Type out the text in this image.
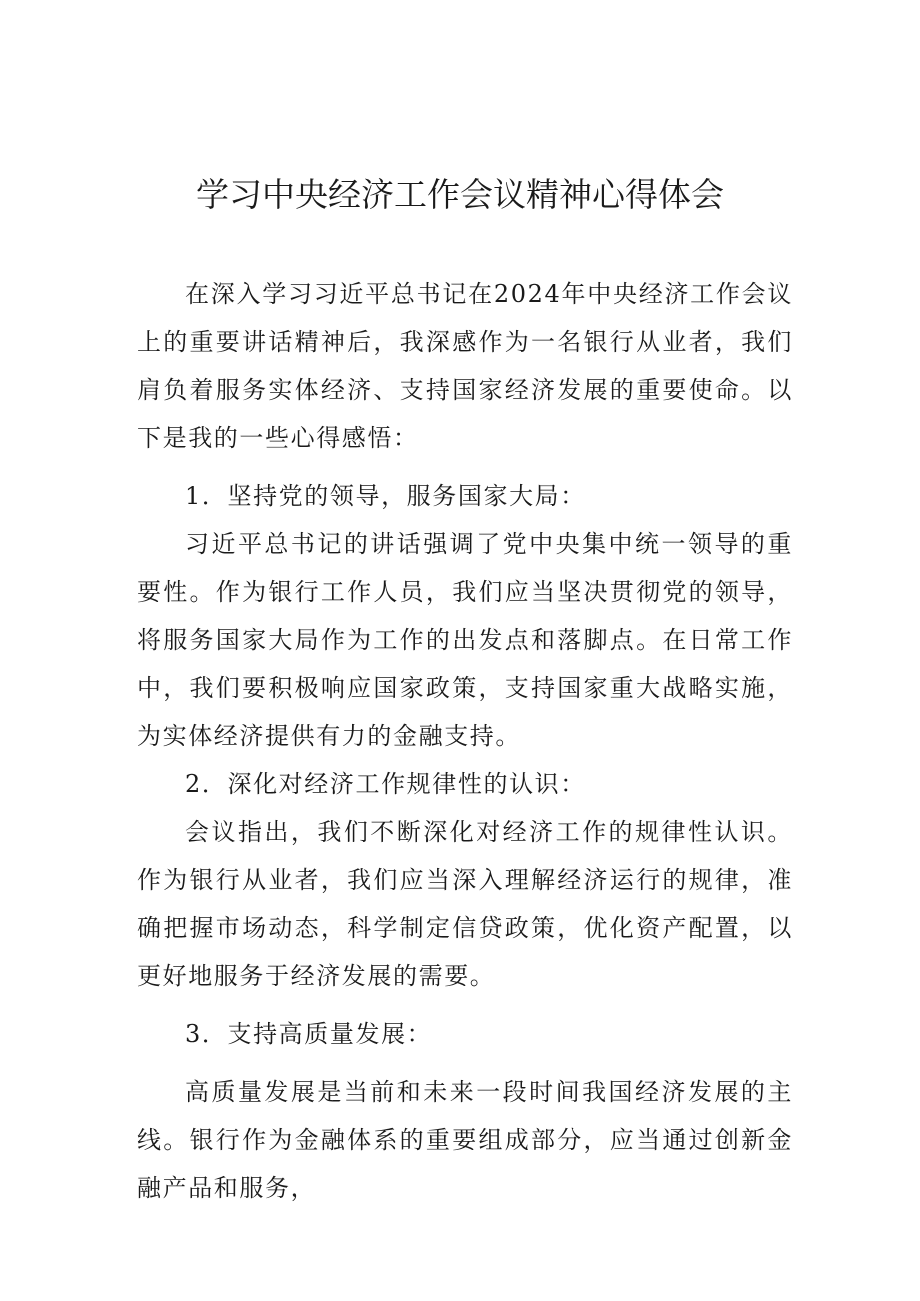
学习中央经济工作会议精神心得体会

在深入学习习近平总书记在2024年中央经济工作会议上的重要讲话精神后，我深感作为一名银行从业者，我们肩负着服务实体经济、支持国家经济发展的重要使命。以下是我的一些心得感悟：

1．坚持党的领导，服务国家大局：

习近平总书记的讲话强调了党中央集中统一领导的重要性。作为银行工作人员，我们应当坚决贯彻党的领导，将服务国家大局作为工作的出发点和落脚点。在日常工作中，我们要积极响应国家政策，支持国家重大战略实施，为实体经济提供有力的金融支持。

2．深化对经济工作规律性的认识：

会议指出，我们不断深化对经济工作的规律性认识。作为银行从业者，我们应当深入理解经济运行的规律，准确把握市场动态，科学制定信贷政策，优化资产配置，以更好地服务于经济发展的需要。

3．支持高质量发展：

高质量发展是当前和未来一段时间我国经济发展的主线。银行作为金融体系的重要组成部分，应当通过创新金融产品和服务，
